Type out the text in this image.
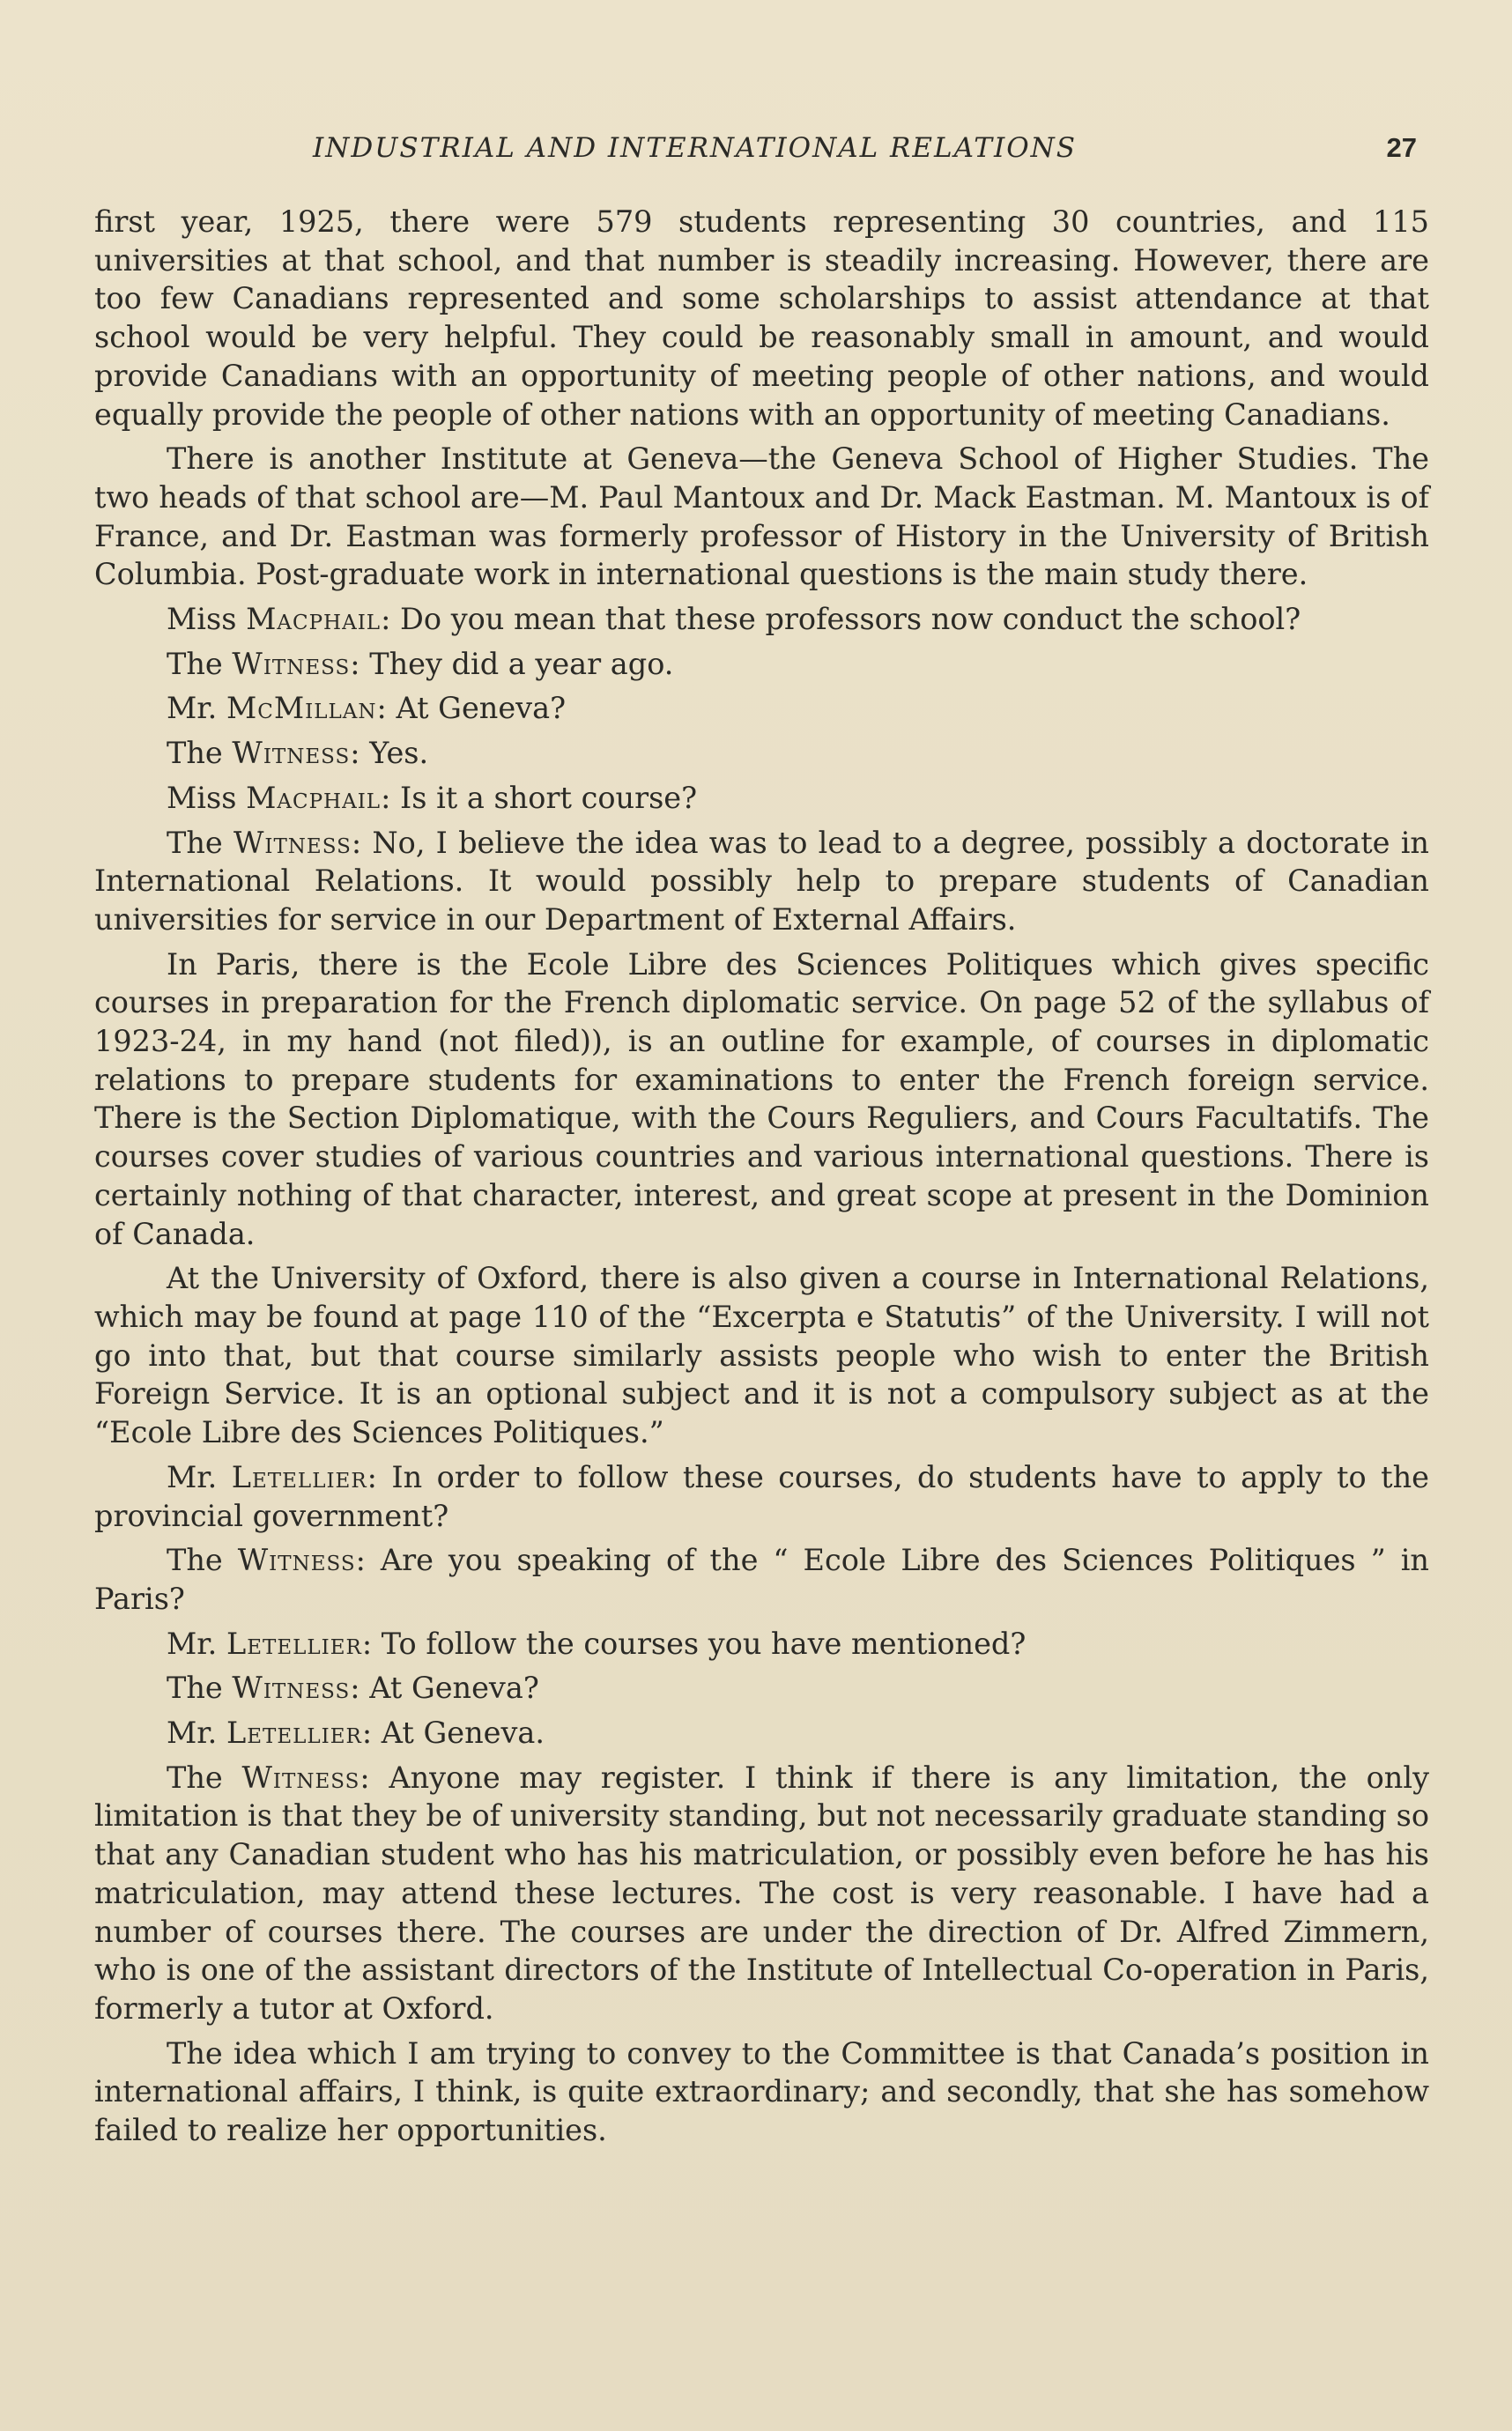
INDUSTRIAL AND INTERNATIONAL RELATIONS	27

first year, 1925, there were 579 students representing 30 countries, and 115 universities at that school, and that number is steadily increasing. However, there are too few Canadians represented and some scholarships to assist attendance at that school would be very helpful. They could be reasonably small in amount, and would provide Canadians with an opportunity of meeting people of other nations, and would equally provide the people of other nations with an opportunity of meeting Canadians.

There is another Institute at Geneva—the Geneva School of Higher Studies. The two heads of that school are—M. Paul Mantoux and Dr. Mack Eastman. M. Mantoux is of France, and Dr. Eastman was formerly professor of History in the University of British Columbia. Post-graduate work in international questions is the main study there.

Miss Macphail: Do you mean that these professors now conduct the school?

The Witness: They did a year ago.

Mr. McMillan: At Geneva?

The Witness: Yes.

Miss Macphail: Is it a short course?

The Witness: No, I believe the idea was to lead to a degree, possibly a doctorate in International Relations. It would possibly help to prepare students of Canadian universities for service in our Department of External Affairs.

In Paris, there is the Ecole Libre des Sciences Politiques which gives specific courses in preparation for the French diplomatic service. On page 52 of the syllabus of 1923-24, in my hand (not filed)), is an outline for example, of courses in diplomatic relations to prepare students for examinations to enter the French foreign service. There is the Section Diplomatique, with the Cours Reguliers, and Cours Facultatifs. The courses cover studies of various countries and various international questions. There is certainly nothing of that character, interest, and great scope at present in the Dominion of Canada.

At the University of Oxford, there is also given a course in International Relations, which may be found at page 110 of the “Excerpta e Statutis” of the University. I will not go into that, but that course similarly assists people who wish to enter the British Foreign Service. It is an optional subject and it is not a compulsory subject as at the “Ecole Libre des Sciences Politiques.”

Mr. Letellier: In order to follow these courses, do students have to apply to the provincial government?

The Witness: Are you speaking of the “ Ecole Libre des Sciences Politiques ” in Paris?

Mr. Letellier: To follow the courses you have mentioned?

The Witness: At Geneva?

Mr. Letellier: At Geneva.

The Witness: Anyone may register. I think if there is any limitation, the only limitation is that they be of university standing, but not necessarily graduate standing so that any Canadian student who has his matriculation, or possibly even before he has his matriculation, may attend these lectures. The cost is very reasonable. I have had a number of courses there. The courses are under the direction of Dr. Alfred Zimmern, who is one of the assistant directors of the Institute of Intellectual Co-operation in Paris, formerly a tutor at Oxford.

The idea which I am trying to convey to the Committee is that Canada’s position in international affairs, I think, is quite extraordinary; and secondly, that she has somehow failed to realize her opportunities.
